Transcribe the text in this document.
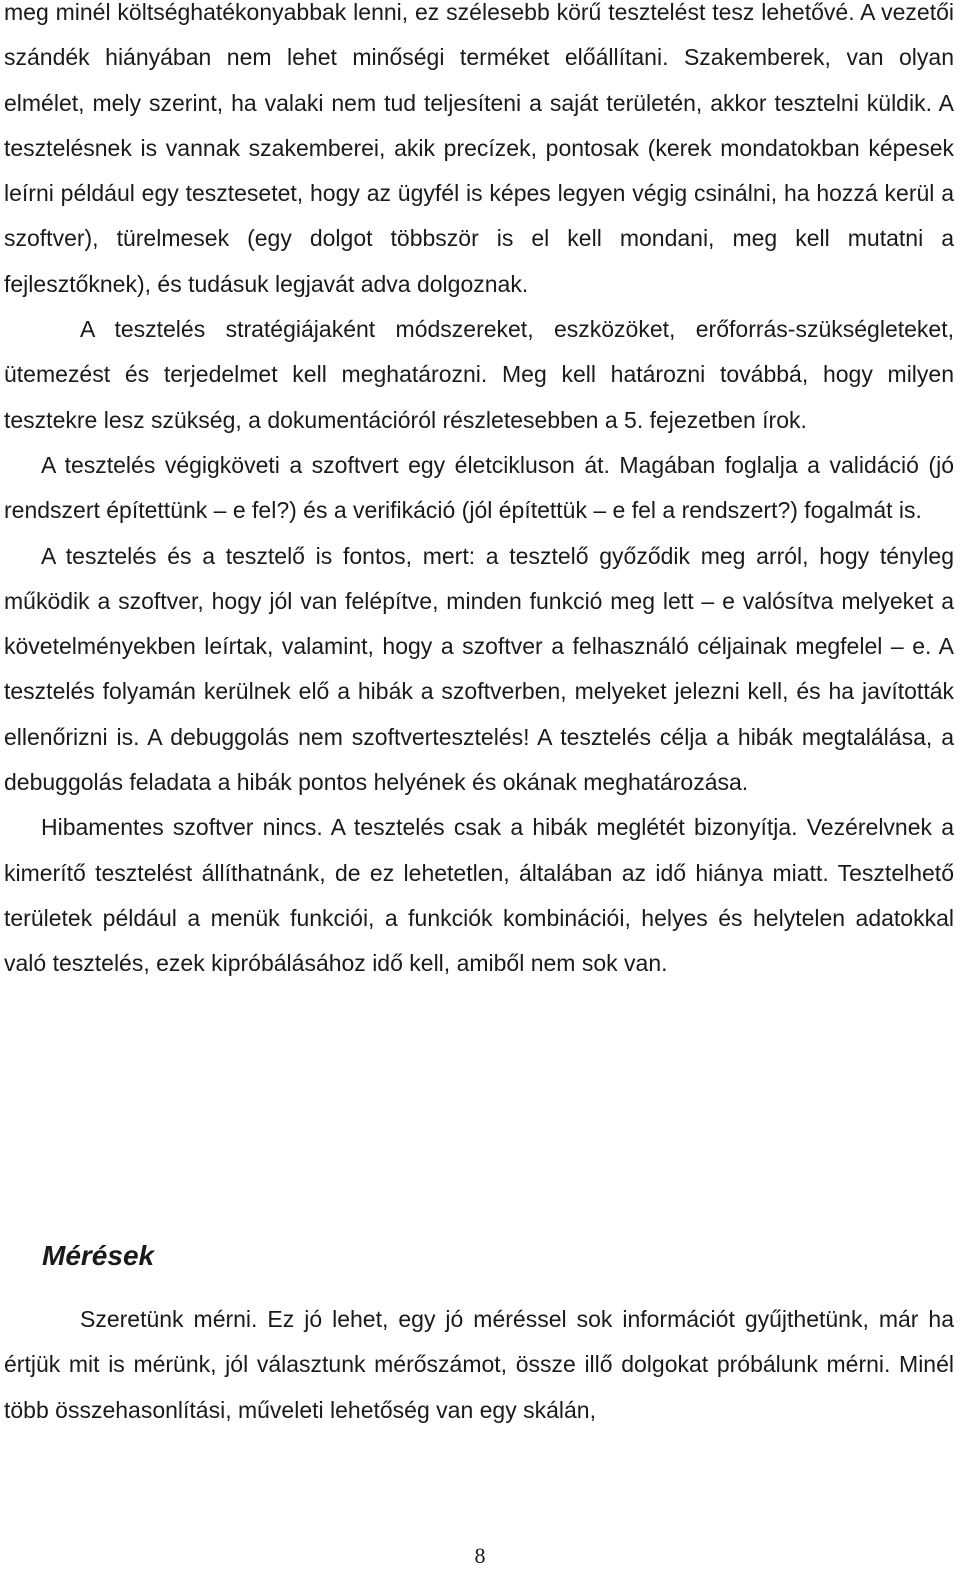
meg minél költséghatékonyabbak lenni, ez szélesebb körű tesztelést tesz lehetővé. A vezetői szándék hiányában nem lehet minőségi terméket előállítani. Szakemberek, van olyan elmélet, mely szerint, ha valaki nem tud teljesíteni a saját területén, akkor tesztelni küldik. A tesztelésnek is vannak szakemberei, akik precízek, pontosak (kerek mondatokban képesek leírni például egy tesztesetet, hogy az ügyfél is képes legyen végig csinálni, ha hozzá kerül a szoftver), türelmesek (egy dolgot többször is el kell mondani, meg kell mutatni a fejlesztőknek), és tudásuk legjavát adva dolgoznak.

A tesztelés stratégiájaként módszereket, eszközöket, erőforrás-szükségleteket, ütemezést és terjedelmet kell meghatározni. Meg kell határozni továbbá, hogy milyen tesztekre lesz szükség, a dokumentációról részletesebben a 5. fejezetben írok.

A tesztelés végigköveti a szoftvert egy életcikluson át. Magában foglalja a validáció (jó rendszert építettünk – e fel?) és a verifikáció (jól építettük – e fel a rendszert?) fogalmát is.

A tesztelés és a tesztelő is fontos, mert: a tesztelő győződik meg arról, hogy tényleg működik a szoftver, hogy jól van felépítve, minden funkció meg lett – e valósítva melyeket a követelményekben leírtak, valamint, hogy a szoftver a felhasználó céljainak megfelel – e. A tesztelés folyamán kerülnek elő a hibák a szoftverben, melyeket jelezni kell, és ha javították ellenőrizni is. A debuggolás nem szoftvertesztelés! A tesztelés célja a hibák megtalálása, a debuggolás feladata a hibák pontos helyének és okának meghatározása.

Hibamentes szoftver nincs. A tesztelés csak a hibák meglétét bizonyítja. Vezérelvnek a kimerítő tesztelést állíthatnánk, de ez lehetetlen, általában az idő hiánya miatt. Tesztelhető területek például a menük funkciói, a funkciók kombinációi, helyes és helytelen adatokkal való tesztelés, ezek kipróbálásához idő kell, amiből nem sok van.

Mérések

Szeretünk mérni. Ez jó lehet, egy jó méréssel sok információt gyűjthetünk, már ha értjük mit is mérünk, jól választunk mérőszámot, össze illő dolgokat próbálunk mérni. Minél több összehasonlítási, műveleti lehetőség van egy skálán,

8
